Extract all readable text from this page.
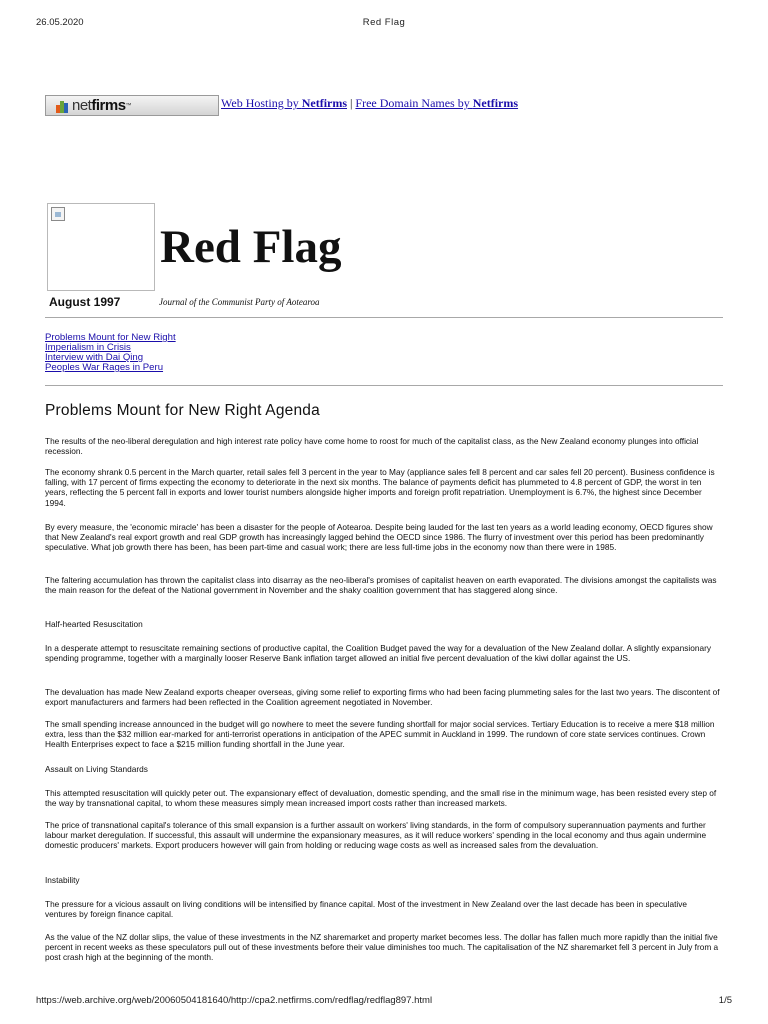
26.05.2020	Red Flag
net firms ™	Web Hosting by Netfirms | Free Domain Names by Netfirms
Red Flag
August 1997	Journal of the Communist Party of Aotearoa
Problems Mount for New Right
Imperialism in Crisis
Interview with Dai Qing
Peoples War Rages in Peru
Problems Mount for New Right Agenda

The results of the neo-liberal deregulation and high interest rate policy have come home to roost for much of the capitalist class, as the New Zealand economy plunges into official recession.

The economy shrank 0.5 percent in the March quarter, retail sales fell 3 percent in the year to May (appliance sales fell 8 percent and car sales fell 20 percent). Business confidence is falling, with 17 percent of firms expecting the economy to deteriorate in the next six months. The balance of payments deficit has plummeted to 4.8 percent of GDP, the worst in ten years, reflecting the 5 percent fall in exports and lower tourist numbers alongside higher imports and foreign profit repatriation. Unemployment is 6.7%, the highest since December 1994.

By every measure, the 'economic miracle' has been a disaster for the people of Aotearoa. Despite being lauded for the last ten years as a world leading economy, OECD figures show that New Zealand's real export growth and real GDP growth has increasingly lagged behind the OECD since 1986. The flurry of investment over this period has been predominantly speculative. What job growth there has been, has been part-time and casual work; there are less full-time jobs in the economy now than there were in 1985.

The faltering accumulation has thrown the capitalist class into disarray as the neo-liberal's promises of capitalist heaven on earth evaporated. The divisions amongst the capitalists was the main reason for the defeat of the National government in November and the shaky coalition government that has staggered along since.

Half-hearted Resuscitation

In a desperate attempt to resuscitate remaining sections of productive capital, the Coalition Budget paved the way for a devaluation of the New Zealand dollar. A slightly expansionary spending programme, together with a marginally looser Reserve Bank inflation target allowed an initial five percent devaluation of the kiwi dollar against the US.

The devaluation has made New Zealand exports cheaper overseas, giving some relief to exporting firms who had been facing plummeting sales for the last two years. The discontent of export manufacturers and farmers had been reflected in the Coalition agreement negotiated in November.

The small spending increase announced in the budget will go nowhere to meet the severe funding shortfall for major social services. Tertiary Education is to receive a mere $18 million extra, less than the $32 million ear-marked for anti-terrorist operations in anticipation of the APEC summit in Auckland in 1999. The rundown of core state services continues. Crown Health Enterprises expect to face a $215 million funding shortfall in the June year.

Assault on Living Standards

This attempted resuscitation will quickly peter out. The expansionary effect of devaluation, domestic spending, and the small rise in the minimum wage, has been resisted every step of the way by transnational capital, to whom these measures simply mean increased import costs rather than increased markets.

The price of transnational capital's tolerance of this small expansion is a further assault on workers' living standards, in the form of compulsory superannuation payments and further labour market deregulation. If successful, this assault will undermine the expansionary measures, as it will reduce workers' spending in the local economy and thus again undermine domestic producers' markets. Export producers however will gain from holding or reducing wage costs as well as increased sales from the devaluation.

Instability

The pressure for a vicious assault on living conditions will be intensified by finance capital. Most of the investment in New Zealand over the last decade has been in speculative ventures by foreign finance capital.

As the value of the NZ dollar slips, the value of these investments in the NZ sharemarket and property market becomes less. The dollar has fallen much more rapidly than the initial five percent in recent weeks as these speculators pull out of these investments before their value diminishes too much. The capitalisation of the NZ sharemarket fell 3 percent in July from a post crash high at the beginning of the month.

https://web.archive.org/web/20060504181640/http://cpa2.netfirms.com/redflag/redflag897.html	1/5
